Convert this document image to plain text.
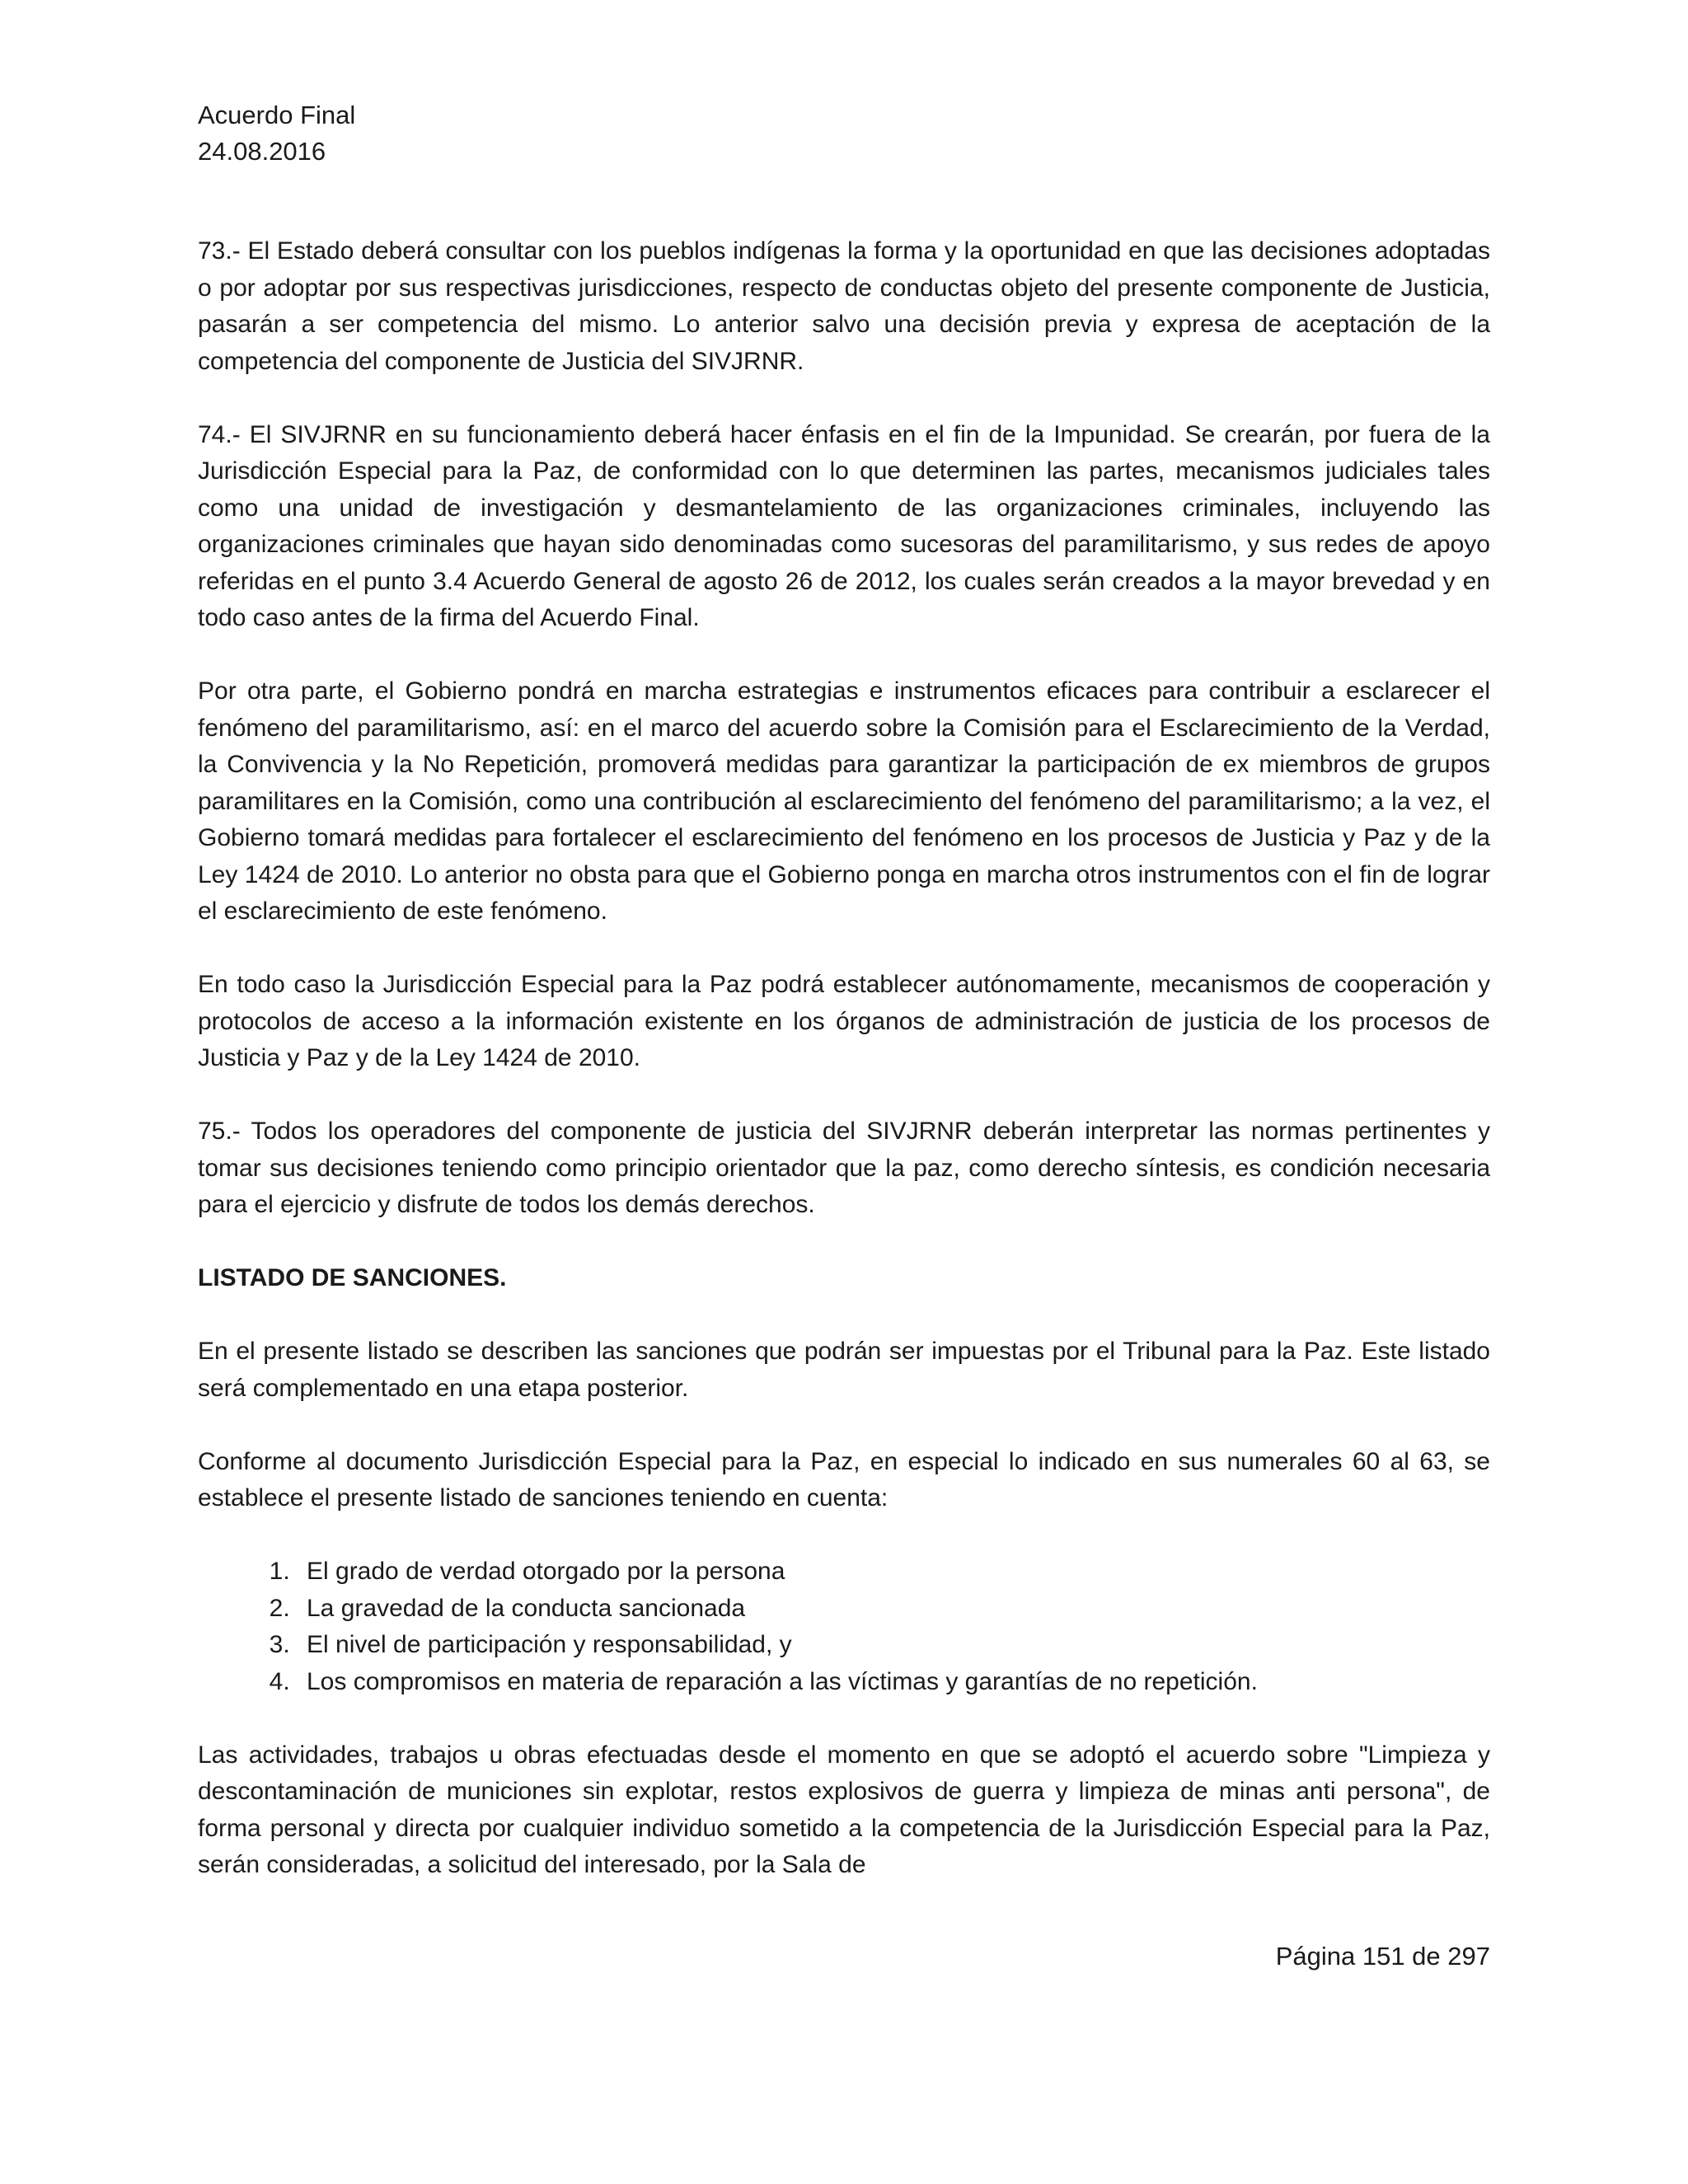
Acuerdo Final
24.08.2016

73.- El Estado deberá consultar con los pueblos indígenas la forma y la oportunidad en que las decisiones adoptadas o por adoptar por sus respectivas jurisdicciones, respecto de conductas objeto del presente componente de Justicia, pasarán a ser competencia del mismo. Lo anterior salvo una decisión previa y expresa de aceptación de la competencia del componente de Justicia del SIVJRNR.

74.- El SIVJRNR en su funcionamiento deberá hacer énfasis en el fin de la Impunidad. Se crearán, por fuera de la Jurisdicción Especial para la Paz, de conformidad con lo que determinen las partes, mecanismos judiciales tales como una unidad de investigación y desmantelamiento de las organizaciones criminales, incluyendo las organizaciones criminales que hayan sido denominadas como sucesoras del paramilitarismo, y sus redes de apoyo referidas en el punto 3.4 Acuerdo General de agosto 26 de 2012, los cuales serán creados a la mayor brevedad y en todo caso antes de la firma del Acuerdo Final.

Por otra parte, el Gobierno pondrá en marcha estrategias e instrumentos eficaces para contribuir a esclarecer el fenómeno del paramilitarismo, así: en el marco del acuerdo sobre la Comisión para el Esclarecimiento de la Verdad, la Convivencia y la No Repetición, promoverá medidas para garantizar la participación de ex miembros de grupos paramilitares en la Comisión, como una contribución al esclarecimiento del fenómeno del paramilitarismo; a la vez, el Gobierno tomará medidas para fortalecer el esclarecimiento del fenómeno en los procesos de Justicia y Paz y de la Ley 1424 de 2010. Lo anterior no obsta para que el Gobierno ponga en marcha otros instrumentos con el fin de lograr el esclarecimiento de este fenómeno.

En todo caso la Jurisdicción Especial para la Paz podrá establecer autónomamente, mecanismos de cooperación y protocolos de acceso a la información existente en los órganos de administración de justicia de los procesos de Justicia y Paz y de la Ley 1424 de 2010.

75.- Todos los operadores del componente de justicia del SIVJRNR deberán interpretar las normas pertinentes y tomar sus decisiones teniendo como principio orientador que la paz, como derecho síntesis, es condición necesaria para el ejercicio y disfrute de todos los demás derechos.

LISTADO DE SANCIONES.

En el presente listado se describen las sanciones que podrán ser impuestas por el Tribunal para la Paz. Este listado será complementado en una etapa posterior.

Conforme al documento Jurisdicción Especial para la Paz, en especial lo indicado en sus numerales 60 al 63, se establece el presente listado de sanciones teniendo en cuenta:

1. El grado de verdad otorgado por la persona
2. La gravedad de la conducta sancionada
3. El nivel de participación y responsabilidad, y
4. Los compromisos en materia de reparación a las víctimas y garantías de no repetición.

Las actividades, trabajos u obras efectuadas desde el momento en que se adoptó el acuerdo sobre "Limpieza y descontaminación de municiones sin explotar, restos explosivos de guerra y limpieza de minas anti persona", de forma personal y directa por cualquier individuo sometido a la competencia de la Jurisdicción Especial para la Paz, serán consideradas, a solicitud del interesado, por la Sala de

Página 151 de 297
